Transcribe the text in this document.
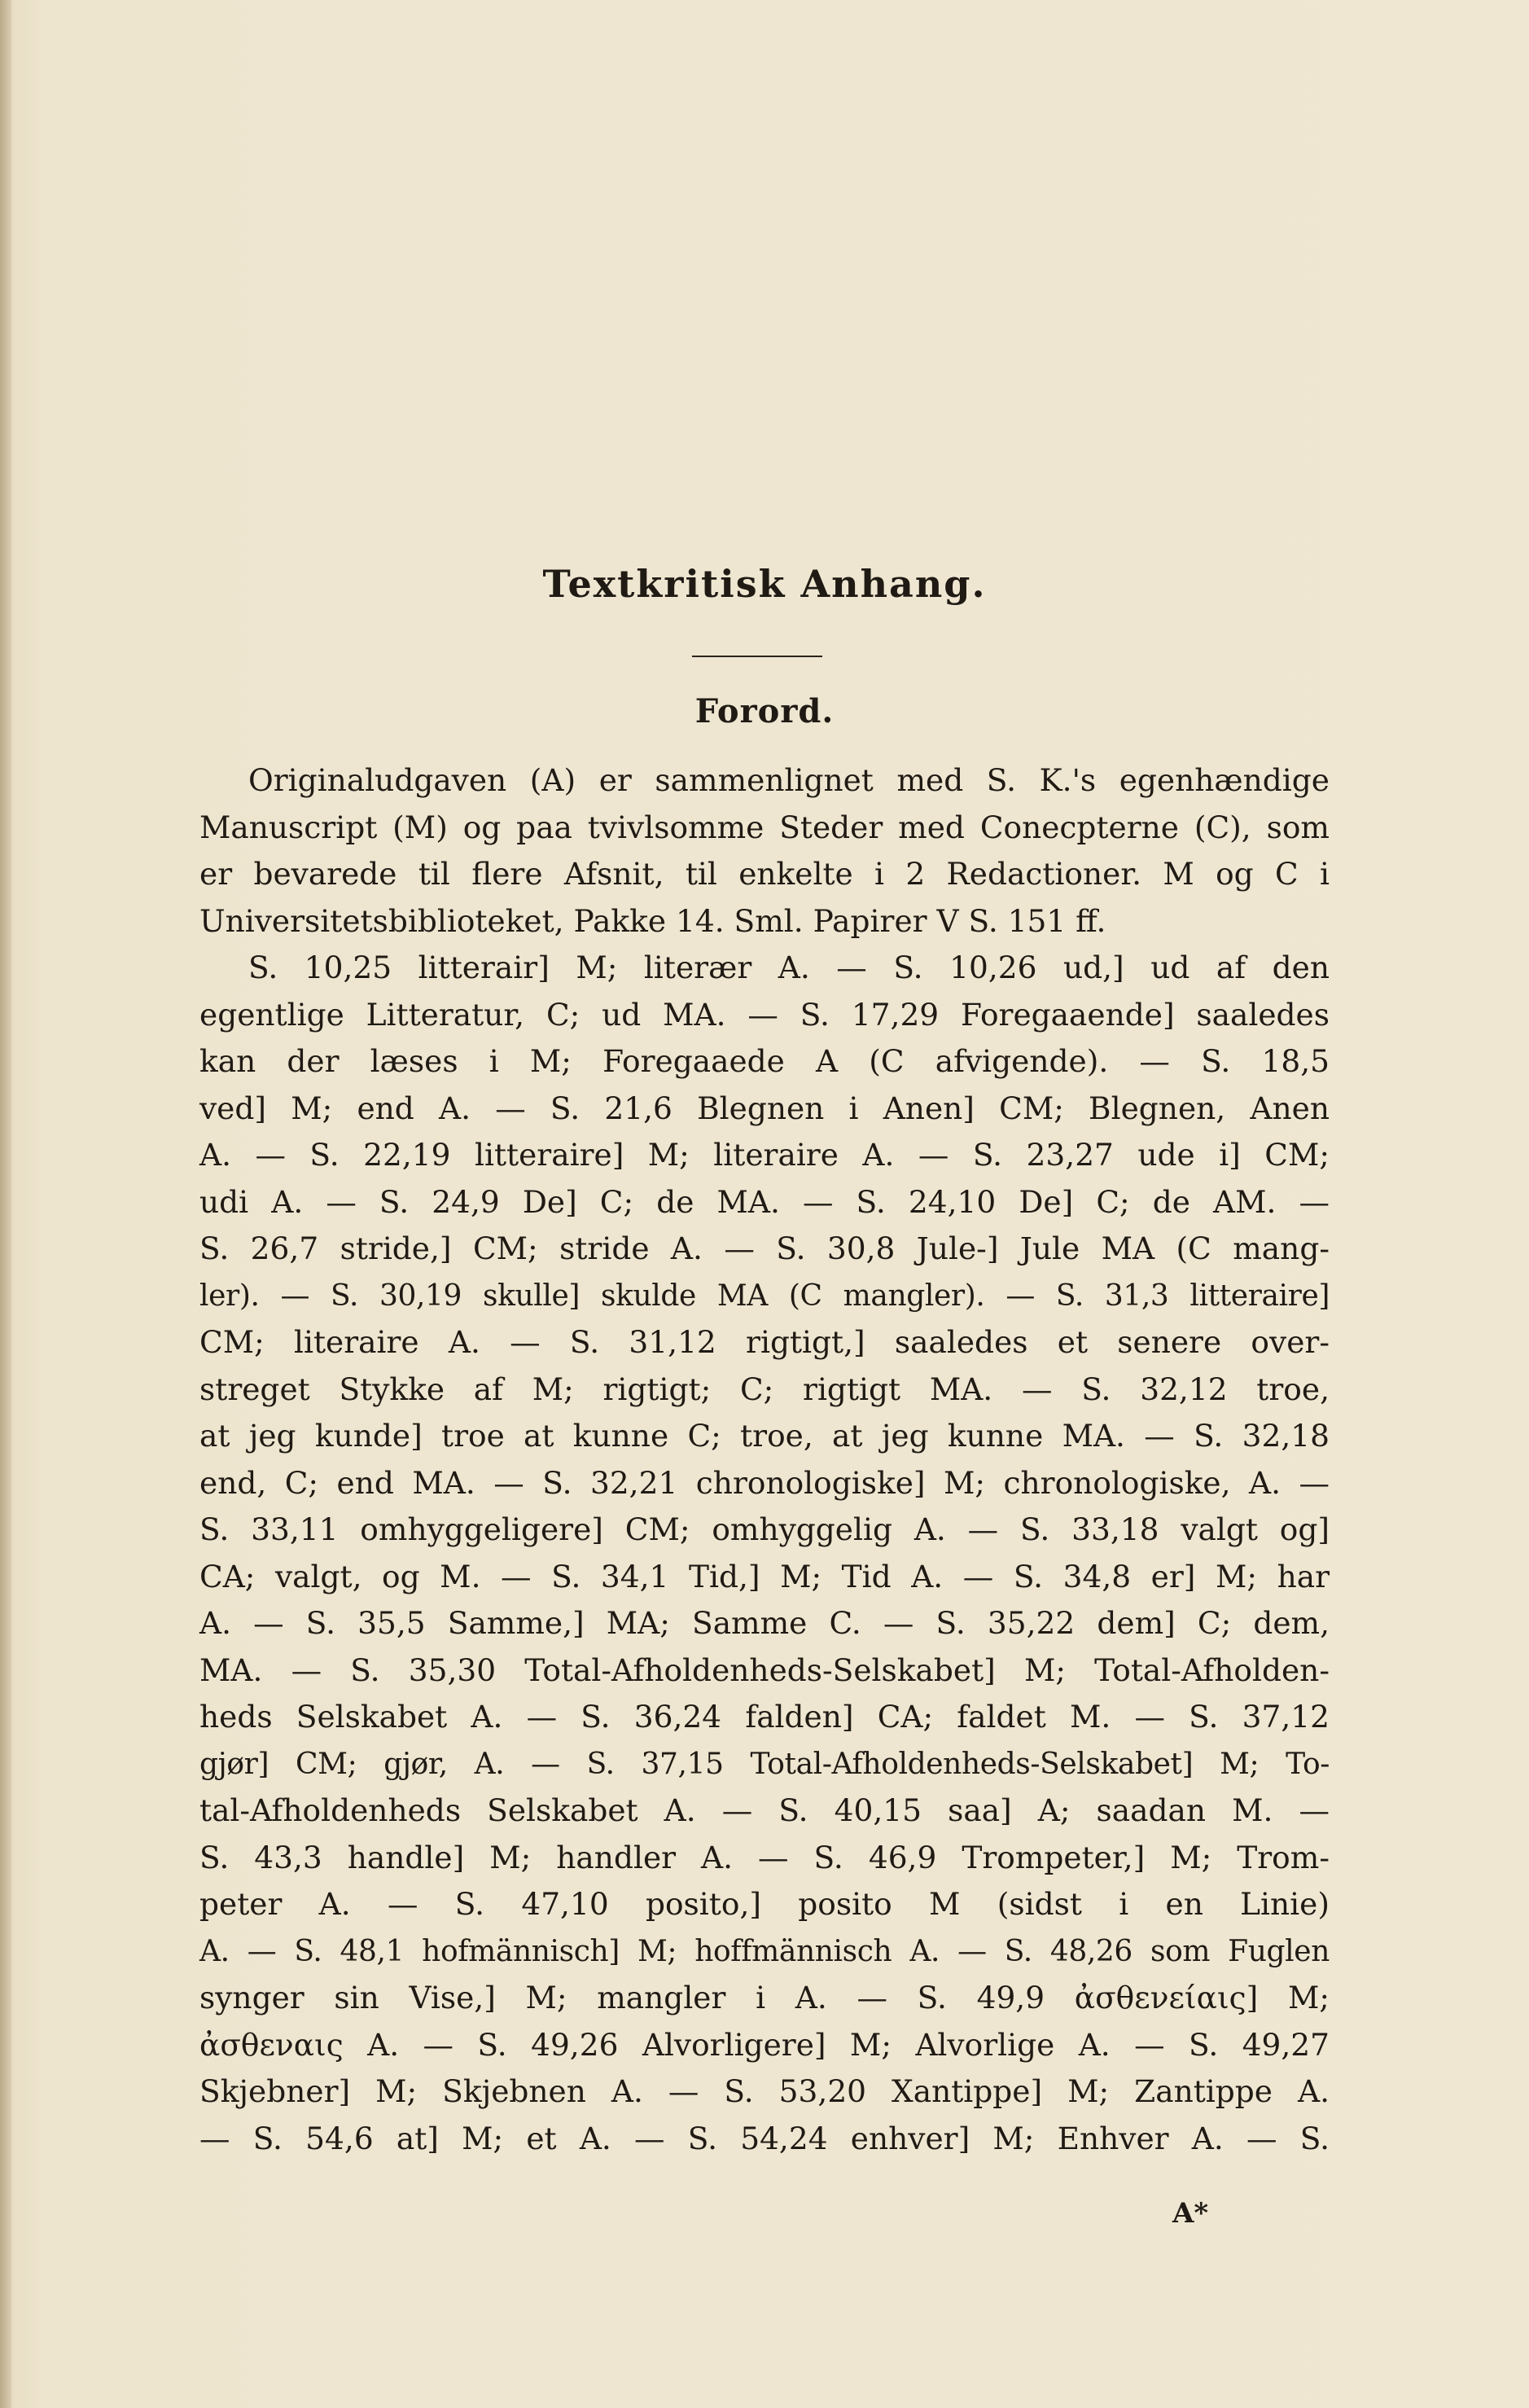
Textkritisk Anhang.
Forord.
Originaludgaven (A) er sammenlignet med S. K.'s egenhændige
Manuscript (M) og paa tvivlsomme Steder med Conecpterne (C), som
er bevarede til flere Afsnit, til enkelte i 2 Redactioner. M og C i
Universitetsbiblioteket, Pakke 14. Sml. Papirer V S. 151 ff.
S. 10,25 litterair] M; literær A. — S. 10,26 ud,] ud af den
egentlige Litteratur, C; ud MA. — S. 17,29 Foregaaende] saaledes
kan der læses i M; Foregaaede A (C afvigende). — S. 18,5
ved] M; end A. — S. 21,6 Blegnen i Anen] CM; Blegnen, Anen
A. — S. 22,19 litteraire] M; literaire A. — S. 23,27 ude i] CM;
udi A. — S. 24,9 De] C; de MA. — S. 24,10 De] C; de AM. —
S. 26,7 stride,] CM; stride A. — S. 30,8 Jule-] Jule MA (C mang-
ler). — S. 30,19 skulle] skulde MA (C mangler). — S. 31,3 litteraire]
CM; literaire A. — S. 31,12 rigtigt,] saaledes et senere over-
streget Stykke af M; rigtigt; C; rigtigt MA. — S. 32,12 troe,
at jeg kunde] troe at kunne C; troe, at jeg kunne MA. — S. 32,18
end, C; end MA. — S. 32,21 chronologiske] M; chronologiske, A. —
S. 33,11 omhyggeligere] CM; omhyggelig A. — S. 33,18 valgt og]
CA; valgt, og M. — S. 34,1 Tid,] M; Tid A. — S. 34,8 er] M; har
A. — S. 35,5 Samme,] MA; Samme C. — S. 35,22 dem] C; dem,
MA. — S. 35,30 Total-Afholdenheds-Selskabet] M; Total-Afholden-
heds Selskabet A. — S. 36,24 falden] CA; faldet M. — S. 37,12
gjør] CM; gjør, A. — S. 37,15 Total-Afholdenheds-Selskabet] M; To-
tal-Afholdenheds Selskabet A. — S. 40,15 saa] A; saadan M. —
S. 43,3 handle] M; handler A. — S. 46,9 Trompeter,] M; Trom-
peter A. — S. 47,10 posito,] posito M (sidst i en Linie)
A. — S. 48,1 hofmännisch] M; hoffmännisch A. — S. 48,26 som Fuglen
synger sin Vise,] M; mangler i A. — S. 49,9 ἀσθενείαις] M;
ἀσθεναις A. — S. 49,26 Alvorligere] M; Alvorlige A. — S. 49,27
Skjebner] M; Skjebnen A. — S. 53,20 Xantippe] M; Zantippe A.
— S. 54,6 at] M; et A. — S. 54,24 enhver] M; Enhver A. — S.
A*
